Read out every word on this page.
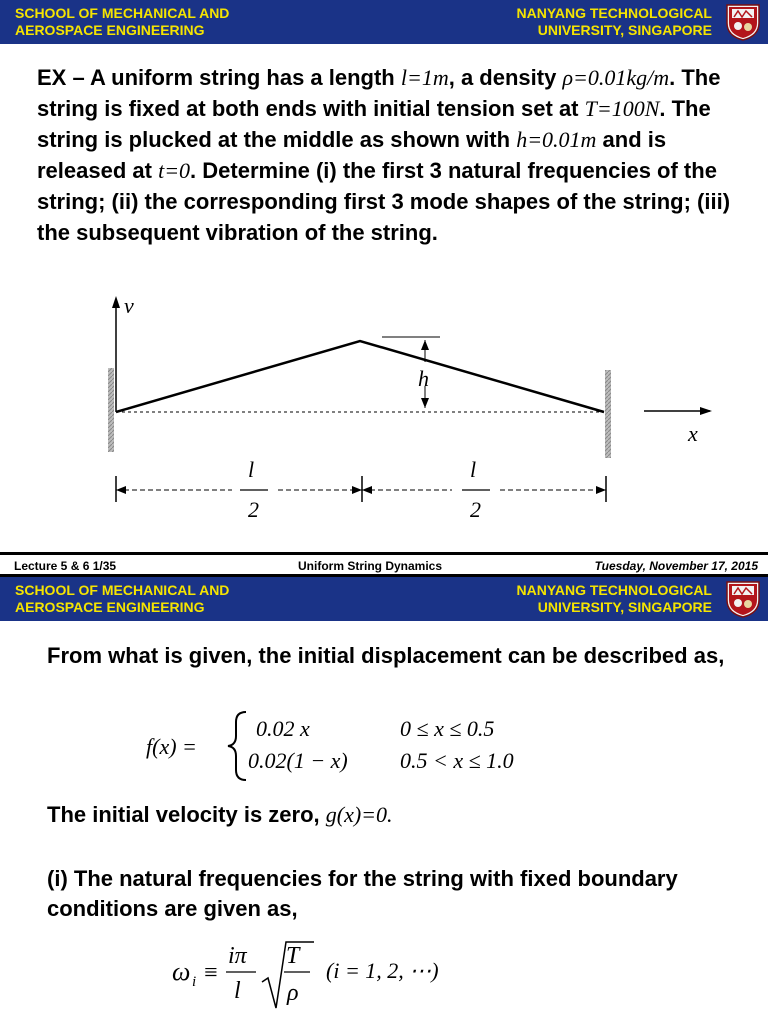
SCHOOL OF MECHANICAL AND
AEROSPACE ENGINEERING
NANYANG TECHNOLOGICAL
UNIVERSITY, SINGAPORE
EX – A uniform string has a length l=1m, a density ρ=0.01kg/m. The string is fixed at both ends with initial tension set at T=100N. The string is plucked at the middle as shown with h=0.01m and is released at t=0. Determine (i) the first 3 natural frequencies of the string; (ii) the corresponding first 3 mode shapes of the string; (iii) the subsequent vibration of the string.
v
h
x
l
2
l
2
Lecture 5 & 6 1/35	Uniform String Dynamics	Tuesday, November 17, 2015
SCHOOL OF MECHANICAL AND
AEROSPACE ENGINEERING
NANYANG TECHNOLOGICAL
UNIVERSITY, SINGAPORE
From what is given, the initial displacement can be described as,
f(x) =
0.02 x	0 ≤ x ≤ 0.5
0.02(1 − x) 0.5 < x ≤ 1.0
The initial velocity is zero, g(x)=0.
(i) The natural frequencies for the string with fixed boundary conditions are given as,
ω i ≡
iπ
l
T
ρ
(i = 1, 2, ⋯)
